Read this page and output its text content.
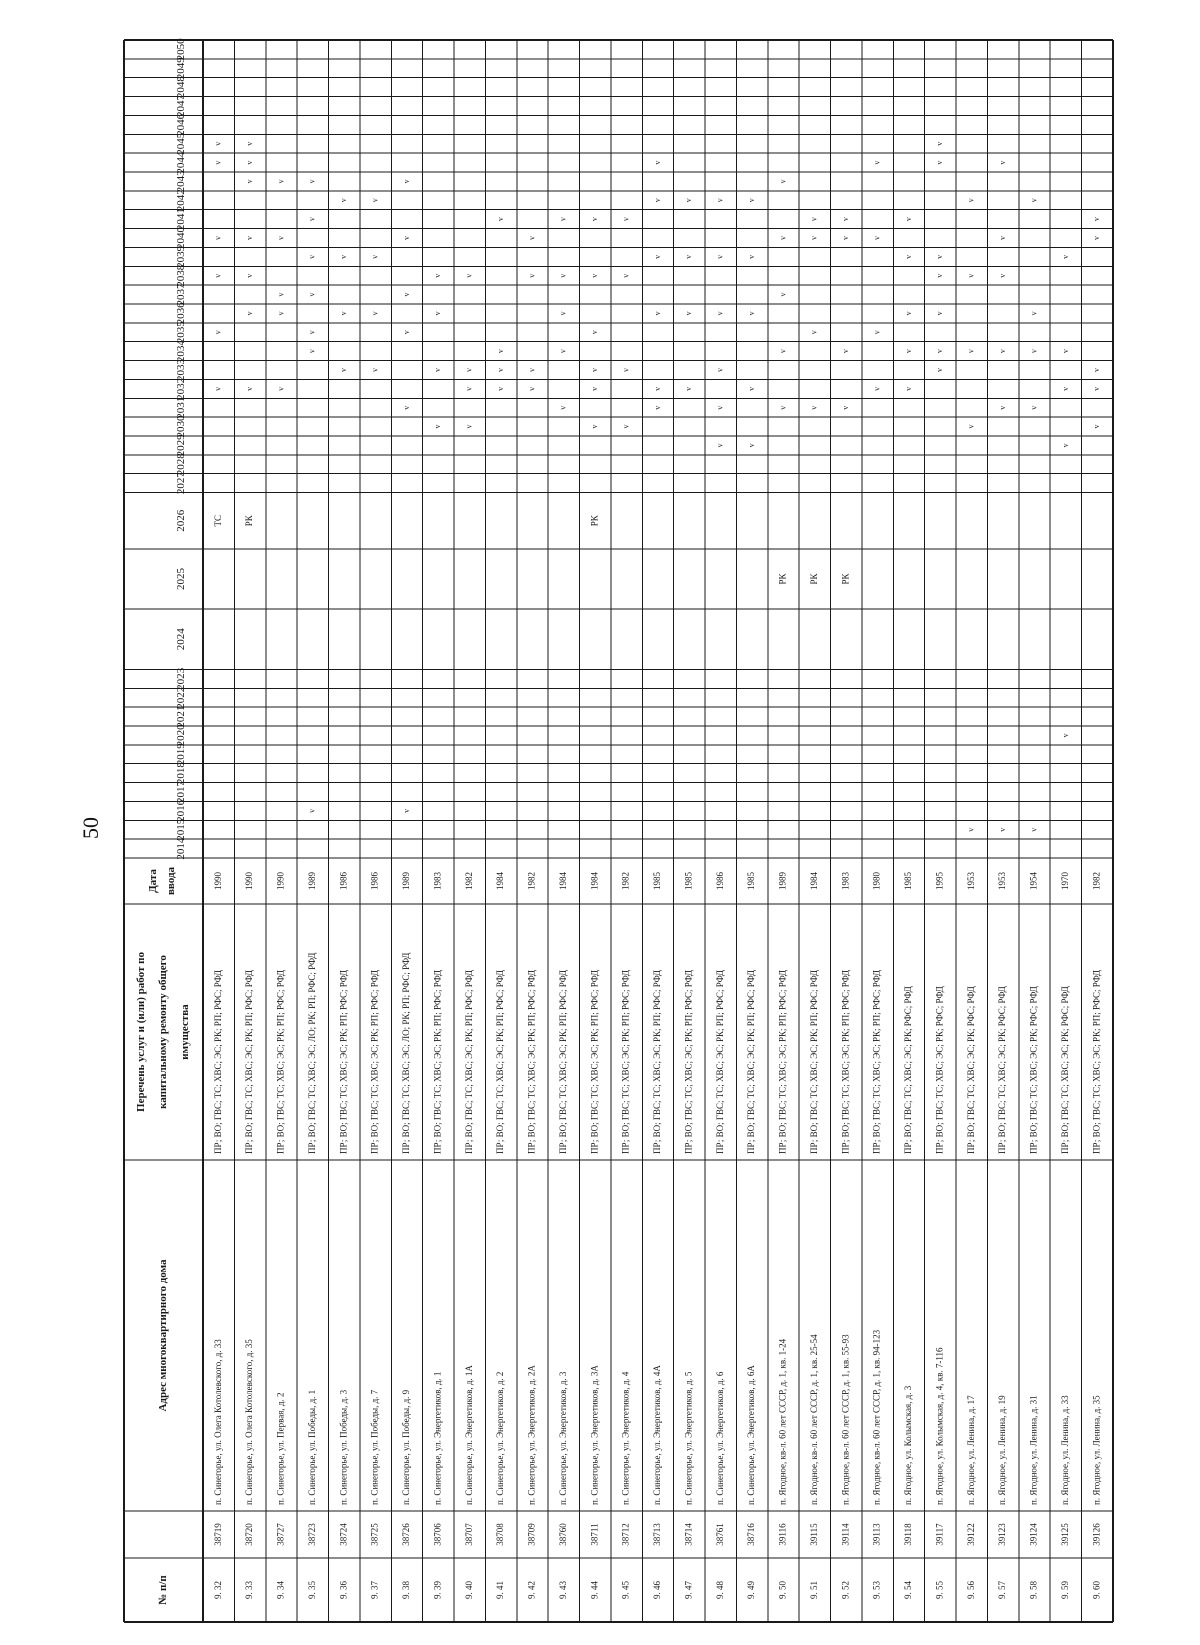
50
№ п/п
Адрес многоквартирного дома
Перечень услуг и (или) работ по капитальному ремонту общего имущества
Дата ввода
2014
2015
2016
2017
2018
2019
2020
2021
2022
2023
2024
2025
2026
2027
2028
2029
2030
2031
2032
2033
2034
2035
2036
2037
2038
2039
2040
2041
2042
2043
2044
2045
2046
2047
2048
2049
2050
9. 32
38719
п. Синегорье, ул. Олега Котолевского, д. 33
ПР; ВО; ГВС; ТС; ХВС; ЭС; РК; РП; РФС; РФД
1990
ТС
v
v
v
v
v
v
9. 33
38720
п. Синегорье, ул. Олега Котолевского, д. 35
ПР; ВО; ГВС; ТС; ХВС; ЭС; РК; РП; РФС; РФД
1990
РК
v
v
v
v
v
v
v
9. 34
38727
п. Синегорье, ул. Первая, д. 2
ПР; ВО; ГВС; ТС; ХВС; ЭС; РК; РП; РФС; РФД
1990
v
v
v
v
v
9. 35
38723
п. Синегорье, ул. Победы, д. 1
ПР; ВО; ГВС; ТС; ХВС; ЭС; ЛО; РК; РП; РФС; РФД
1989
v
v
v
v
v
v
v
9. 36
38724
п. Синегорье, ул. Победы, д. 3
ПР; ВО; ГВС; ТС; ХВС; ЭС; РК; РП; РФС; РФД
1986
v
v
v
v
9. 37
38725
п. Синегорье, ул. Победы, д. 7
ПР; ВО; ГВС; ТС; ХВС; ЭС; РК; РП; РФС; РФД
1986
v
v
v
v
9. 38
38726
п. Синегорье, ул. Победы, д. 9
ПР; ВО; ГВС; ТС; ХВС; ЭС; ЛО; РК; РП; РФС; РФД
1989
v
v
v
v
v
v
9. 39
38706
п. Синегорье, ул. Энергетиков, д. 1
ПР; ВО; ГВС; ТС; ХВС; ЭС; РК; РП; РФС; РФД
1983
v
v
v
v
9. 40
38707
п. Синегорье, ул. Энергетиков, д. 1А
ПР; ВО; ГВС; ТС; ХВС; ЭС; РК; РП; РФС; РФД
1982
v
v
v
v
9. 41
38708
п. Синегорье, ул. Энергетиков, д. 2
ПР; ВО; ГВС; ТС; ХВС; ЭС; РК; РП; РФС; РФД
1984
v
v
v
v
9. 42
38709
п. Синегорье, ул. Энергетиков, д. 2А
ПР; ВО; ГВС; ТС; ХВС; ЭС; РК; РП; РФС; РФД
1982
v
v
v
v
9. 43
38760
п. Синегорье, ул. Энергетиков, д. 3
ПР; ВО; ГВС; ТС; ХВС; ЭС; РК; РП; РФС; РФД
1984
v
v
v
v
v
9. 44
38711
п. Синегорье, ул. Энергетиков, д. 3А
ПР; ВО; ГВС; ТС; ХВС; ЭС; РК; РП; РФС; РФД
1984
РК
v
v
v
v
v
v
9. 45
38712
п. Синегорье, ул. Энергетиков, д. 4
ПР; ВО; ГВС; ТС; ХВС; ЭС; РК; РП; РФС; РФД
1982
v
v
v
v
9. 46
38713
п. Синегорье, ул. Энергетиков, д. 4А
ПР; ВО; ГВС; ТС; ХВС; ЭС; РК; РП; РФС; РФД
1985
v
v
v
v
v
v
9. 47
38714
п. Синегорье, ул. Энергетиков, д. 5
ПР; ВО; ГВС; ТС; ХВС; ЭС; РК; РП; РФС; РФД
1985
v
v
v
v
9. 48
38761
п. Синегорье, ул. Энергетиков, д. 6
ПР; ВО; ГВС; ТС; ХВС; ЭС; РК; РП; РФС; РФД
1986
v
v
v
v
v
v
9. 49
38716
п. Синегорье, ул. Энергетиков, д. 6А
ПР; ВО; ГВС; ТС; ХВС; ЭС; РК; РП; РФС; РФД
1985
v
v
v
v
v
9. 50
39116
п. Ягодное, кв-л. 60 лет СССР, д. 1, кв. 1-24
ПР; ВО; ГВС; ТС; ХВС; ЭС; РК; РП; РФС; РФД
1989
РК
v
v
v
v
v
9. 51
39115
п. Ягодное, кв-л. 60 лет СССР, д. 1, кв. 25-54
ПР; ВО; ГВС; ТС; ХВС; ЭС; РК; РП; РФС; РФД
1984
РК
v
v
v
v
9. 52
39114
п. Ягодное, кв-л. 60 лет СССР, д. 1, кв. 55-93
ПР; ВО; ГВС; ТС; ХВС; ЭС; РК; РП; РФС; РФД
1983
РК
v
v
v
v
9. 53
39113
п. Ягодное, кв-л. 60 лет СССР, д. 1, кв. 94-123
ПР; ВО; ГВС; ТС; ХВС; ЭС; РК; РП; РФС; РФД
1980
v
v
v
v
9. 54
39118
п. Ягодное, ул. Колымская, д. 3
ПР; ВО; ГВС; ТС; ХВС; ЭС; РК; РФС; РФД
1985
v
v
v
v
v
9. 55
39117
п. Ягодное, ул. Колымская, д. 4, кв. 7-116
ПР; ВО; ГВС; ТС; ХВС; ЭС; РК; РФС; РФД
1995
v
v
v
v
v
v
v
9. 56
39122
п. Ягодное, ул. Ленина, д. 17
ПР; ВО; ГВС; ТС; ХВС; ЭС; РК; РФС; РФД
1953
v
v
v
v
v
9. 57
39123
п. Ягодное, ул. Ленина, д. 19
ПР; ВО; ГВС; ТС; ХВС; ЭС; РК; РФС; РФД
1953
v
v
v
v
v
v
9. 58
39124
п. Ягодное, ул. Ленина, д. 31
ПР; ВО; ГВС; ТС; ХВС; ЭС; РК; РФС; РФД
1954
v
v
v
v
v
9. 59
39125
п. Ягодное, ул. Ленина, д. 33
ПР; ВО; ГВС; ТС; ХВС; ЭС; РК; РФС; РФД
1970
v
v
v
v
v
9. 60
39126
п. Ягодное, ул. Ленина, д. 35
ПР; ВО; ГВС; ТС; ХВС; ЭС; РК; РП; РФС; РФД
1982
v
v
v
v
v
